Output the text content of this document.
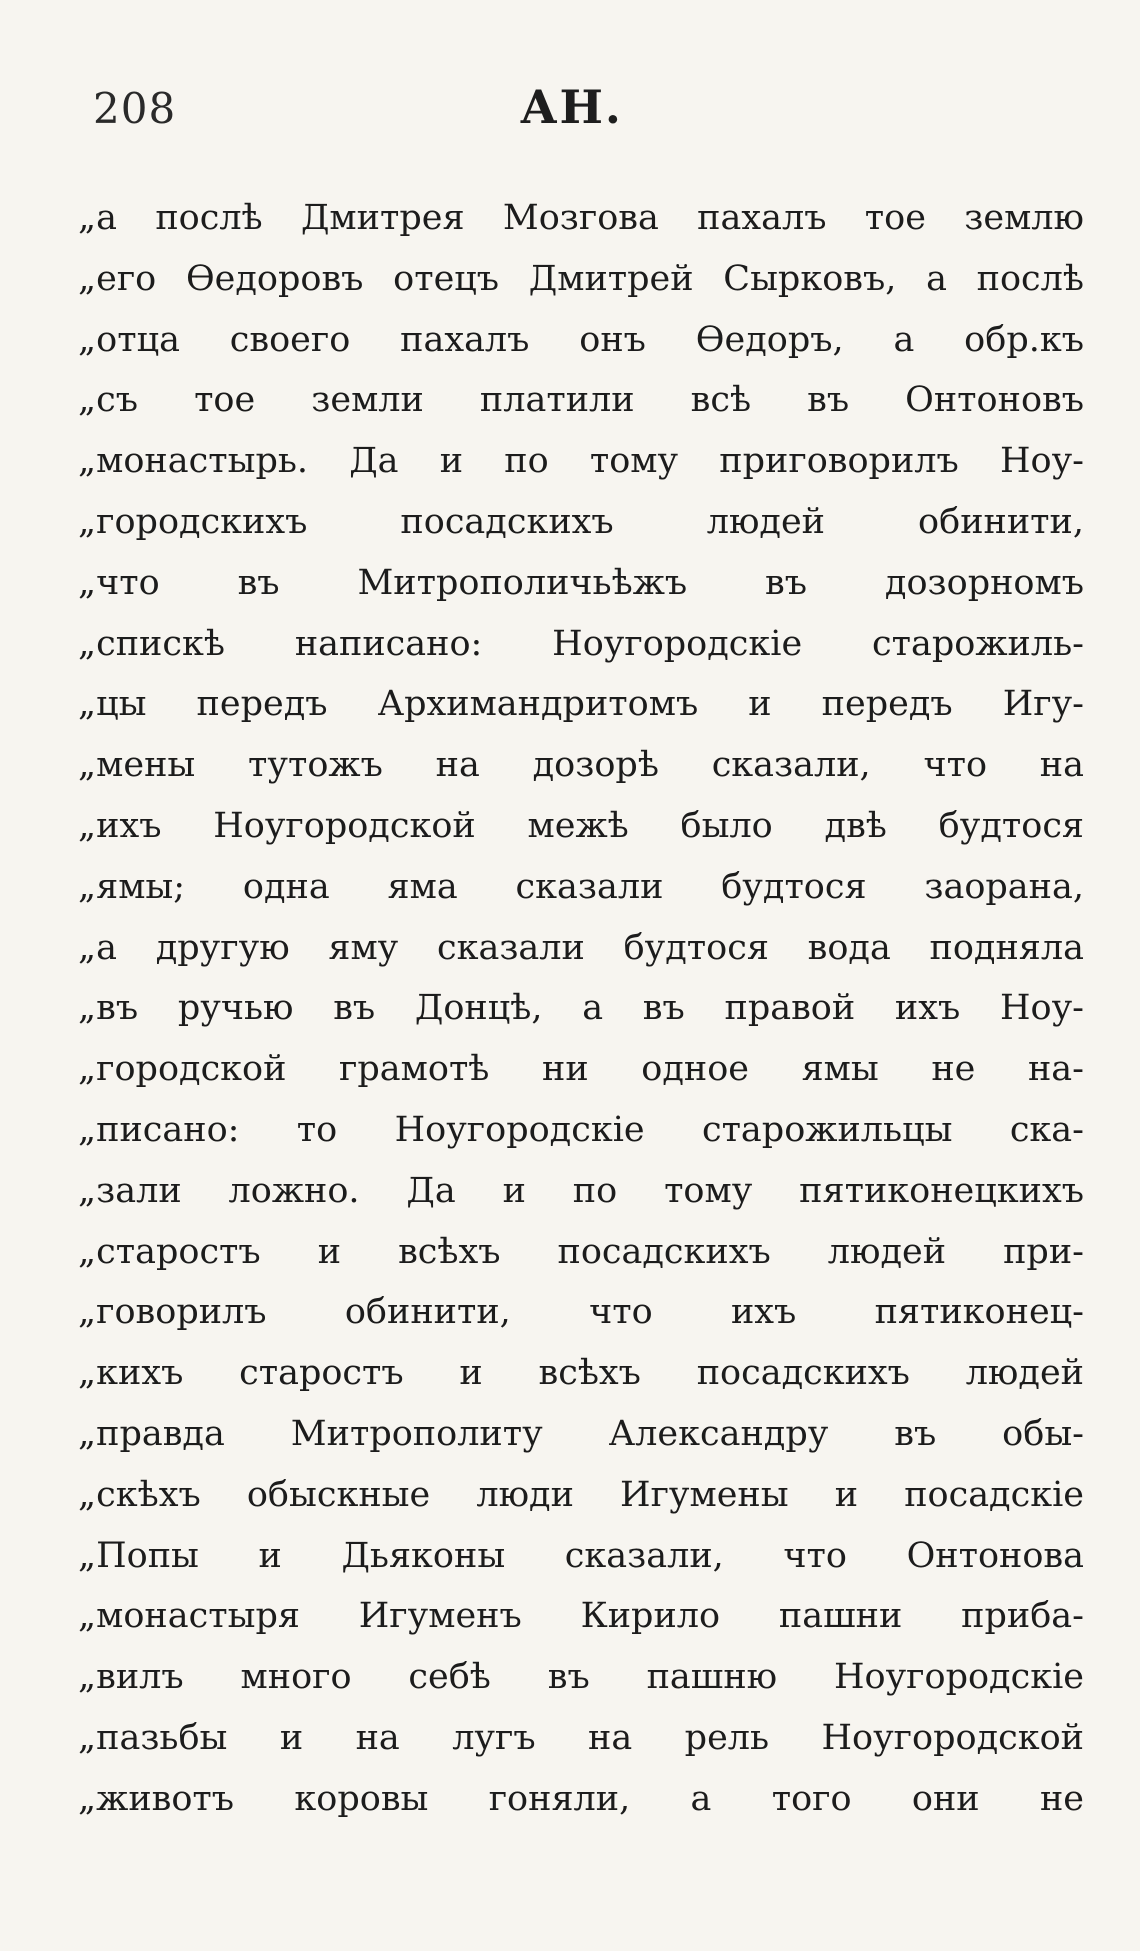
208	АН.
„а послѣ Дмитрея Мозгова пахалъ тое землю
„его Ѳедоровъ отецъ Дмитрей Сырковъ, а послѣ
„отца своего пахалъ онъ Ѳедоръ, а обр.къ
„съ тое земли платили всѣ въ Онтоновъ
„монастырь. Да и по тому приговорилъ Ноу-
„городскихъ посадскихъ людей обинити,
„что въ Митрополичьѣжъ въ дозорномъ
„спискѣ написано: Ноугородскіе старожиль-
„цы передъ Архимандритомъ и передъ Игу-
„мены тутожъ на дозорѣ сказали, что на
„ихъ Ноугородской межѣ было двѣ будтося
„ямы; одна яма сказали будтося заорана,
„а другую яму сказали будтося вода подняла
„въ ручью въ Донцѣ, а въ правой ихъ Ноу-
„городской грамотѣ ни одное ямы не на-
„писано: то Ноугородскіе старожильцы ска-
„зали ложно. Да и по тому пятиконецкихъ
„старостъ и всѣхъ посадскихъ людей при-
„говорилъ обинити, что ихъ пятиконец-
„кихъ старостъ и всѣхъ посадскихъ людей
„правда Митрополиту Александру въ обы-
„скѣхъ обыскные люди Игумены и посадскіе
„Попы и Дьяконы сказали, что Онтонова
„монастыря Игуменъ Кирило пашни приба-
„вилъ много себѣ въ пашню Ноугородскіе
„пазьбы и на лугъ на рель Ноугородской
„животъ коровы гоняли, а того они не
